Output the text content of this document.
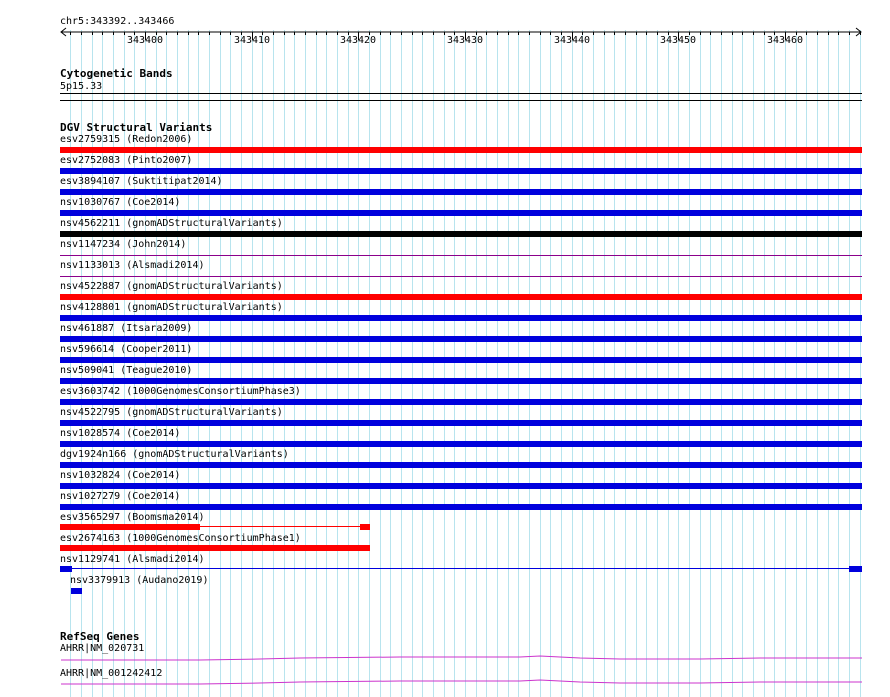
chr5:343392..343466
343400	343410	343420	343430	343440	343450	343460
Cytogenetic Bands
5p15.33
DGV Structural Variants
esv2759315 (Redon2006)
esv2752083 (Pinto2007)
esv3894107 (Suktitipat2014)
nsv1030767 (Coe2014)
nsv4562211 (gnomADStructuralVariants)
nsv1147234 (John2014)
nsv1133013 (Alsmadi2014)
nsv4522887 (gnomADStructuralVariants)
nsv4128801 (gnomADStructuralVariants)
nsv461887 (Itsara2009)
nsv596614 (Cooper2011)
nsv509041 (Teague2010)
esv3603742 (1000GenomesConsortiumPhase3)
nsv4522795 (gnomADStructuralVariants)
nsv1028574 (Coe2014)
dgv1924n166 (gnomADStructuralVariants)
nsv1032824 (Coe2014)
nsv1027279 (Coe2014)
esv3565297 (Boomsma2014)
esv2674163 (1000GenomesConsortiumPhase1)
nsv1129741 (Alsmadi2014)
nsv3379913 (Audano2019)
RefSeq Genes
AHRR|NM_020731
AHRR|NM_001242412
